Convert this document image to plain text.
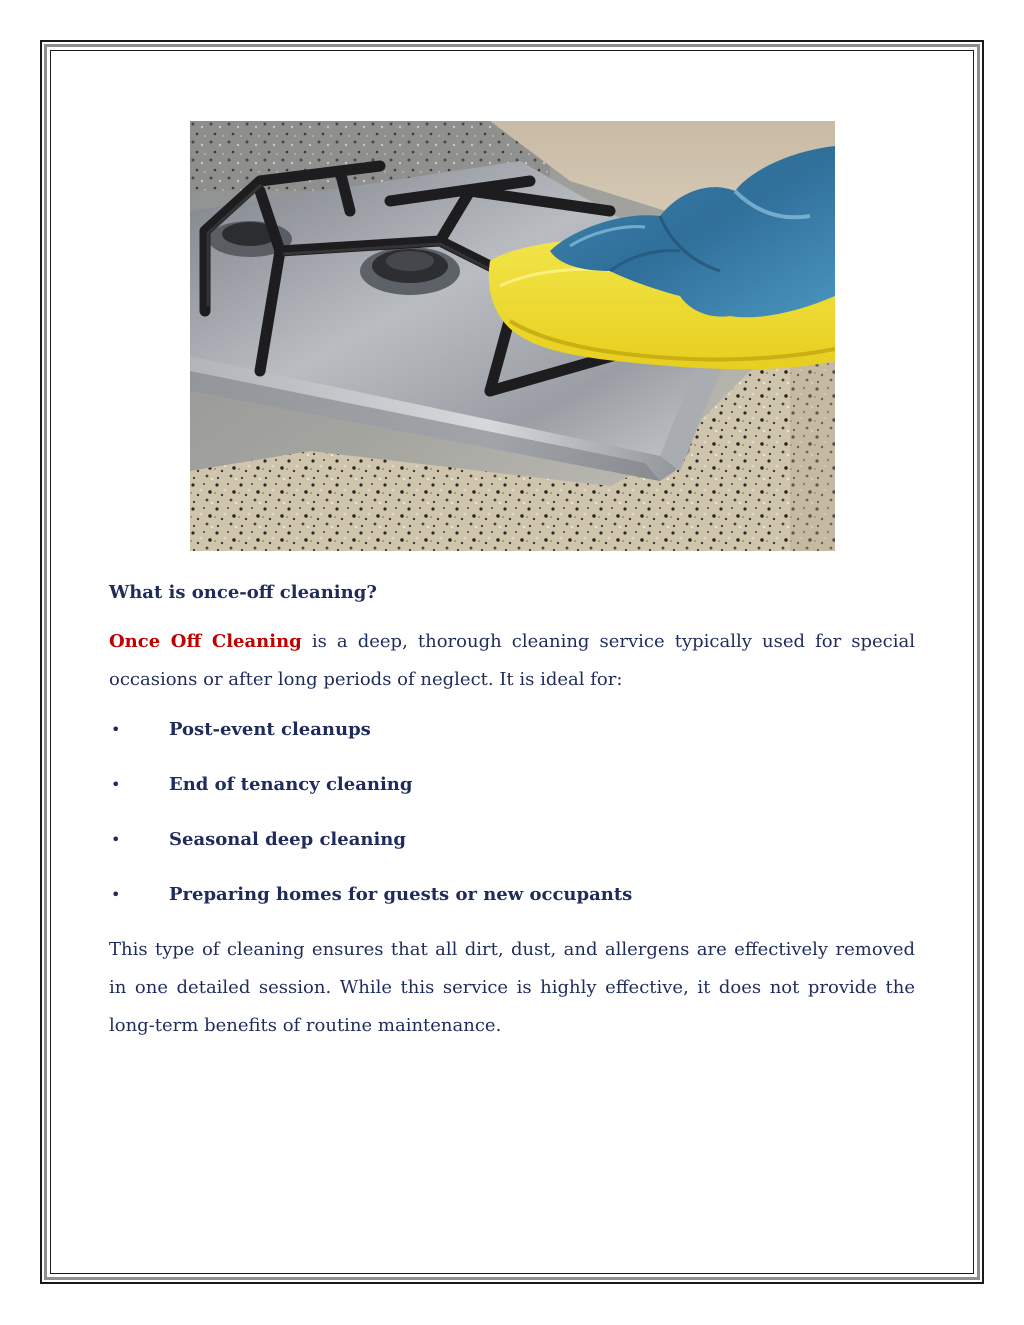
What is once-off cleaning?

Once Off Cleaning is a deep, thorough cleaning service typically used for special occasions or after long periods of neglect. It is ideal for:

•	Post-event cleanups
•	End of tenancy cleaning
•	Seasonal deep cleaning
•	Preparing homes for guests or new occupants

This type of cleaning ensures that all dirt, dust, and allergens are effectively removed in one detailed session. While this service is highly effective, it does not provide the long-term benefits of routine maintenance.
